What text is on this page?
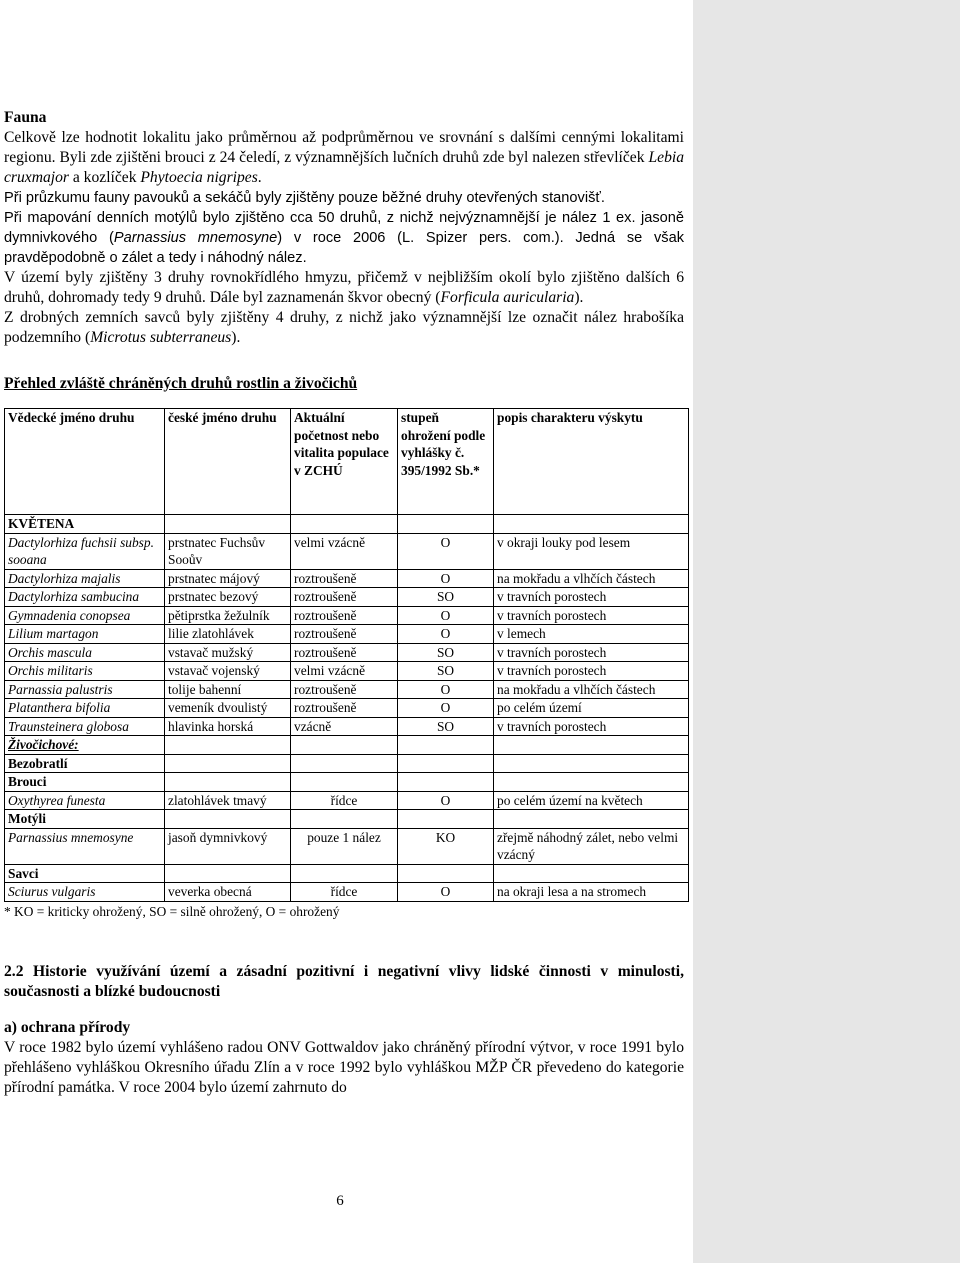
Fauna

Celkově lze hodnotit lokalitu jako průměrnou až podprůměrnou ve srovnání s dalšími cennými lokalitami regionu. Byli zde zjištěni brouci z 24 čeledí, z významnějších lučních druhů zde byl nalezen střevlíček Lebia cruxmajor a kozlíček Phytoecia nigripes.

Při průzkumu fauny pavouků a sekáčů byly zjištěny pouze běžné druhy otevřených stanovišť.

Při mapování denních motýlů bylo zjištěno cca 50 druhů, z nichž nejvýznamnější je nález 1 ex. jasoně dymnivkového (Parnassius mnemosyne) v roce 2006 (L. Spizer pers. com.). Jedná se však pravděpodobně o zálet a tedy i náhodný nález.

V území byly zjištěny 3 druhy rovnokřídlého hmyzu, přičemž v nejbližším okolí bylo zjištěno dalších 6 druhů, dohromady tedy 9 druhů. Dále byl zaznamenán škvor obecný (Forficula auricularia).

Z drobných zemních savců byly zjištěny 4 druhy, z nichž jako významnější lze označit nález hrabošíka podzemního (Microtus subterraneus).

Přehled zvláště chráněných druhů rostlin a živočichů
Vědecké jméno druhu	české jméno druhu	Aktuální početnost nebo vitalita populace v ZCHÚ	stupeň ohrožení podle vyhlášky č. 395/1992 Sb.*	popis charakteru výskytu
KVĚTENA				
Dactylorhiza fuchsii subsp. sooana	prstnatec Fuchsův Sooův	velmi vzácně	O	v okraji louky pod lesem
Dactylorhiza majalis	prstnatec májový	roztroušeně	O	na mokřadu a vlhčích částech
Dactylorhiza sambucina	prstnatec bezový	roztroušeně	SO	v travních porostech
Gymnadenia conopsea	pětiprstka žežulník	roztroušeně	O	v travních porostech
Lilium martagon	lilie zlatohlávek	roztroušeně	O	v lemech
Orchis mascula	vstavač mužský	roztroušeně	SO	v travních porostech
Orchis militaris	vstavač vojenský	velmi vzácně	SO	v travních porostech
Parnassia palustris	tolije bahenní	roztroušeně	O	na mokřadu a vlhčích částech
Platanthera bifolia	vemeník dvoulistý	roztroušeně	O	po celém území
Traunsteinera globosa	hlavinka horská	vzácně	SO	v travních porostech
Živočichové:				
Bezobratlí				
Brouci				
Oxythyrea funesta	zlatohlávek tmavý	řídce	O	po celém území na květech
Motýli				
Parnassius mnemosyne	jasoň dymnivkový	pouze 1 nález	KO	zřejmě náhodný zálet, nebo velmi vzácný
Savci				
Sciurus vulgaris	veverka obecná	řídce	O	na okraji lesa a na stromech
* KO = kriticky ohrožený, SO = silně ohrožený, O = ohrožený
2.2 Historie využívání území a zásadní pozitivní i negativní vlivy lidské činnosti v minulosti, současnosti a blízké budoucnosti
a) ochrana přírody

V roce 1982 bylo území vyhlášeno radou ONV Gottwaldov jako chráněný přírodní výtvor, v roce 1991 bylo přehlášeno vyhláškou Okresního úřadu Zlín a v roce 1992 bylo vyhláškou MŽP ČR převedeno do kategorie přírodní památka. V roce 2004 bylo území zahrnuto do

6
